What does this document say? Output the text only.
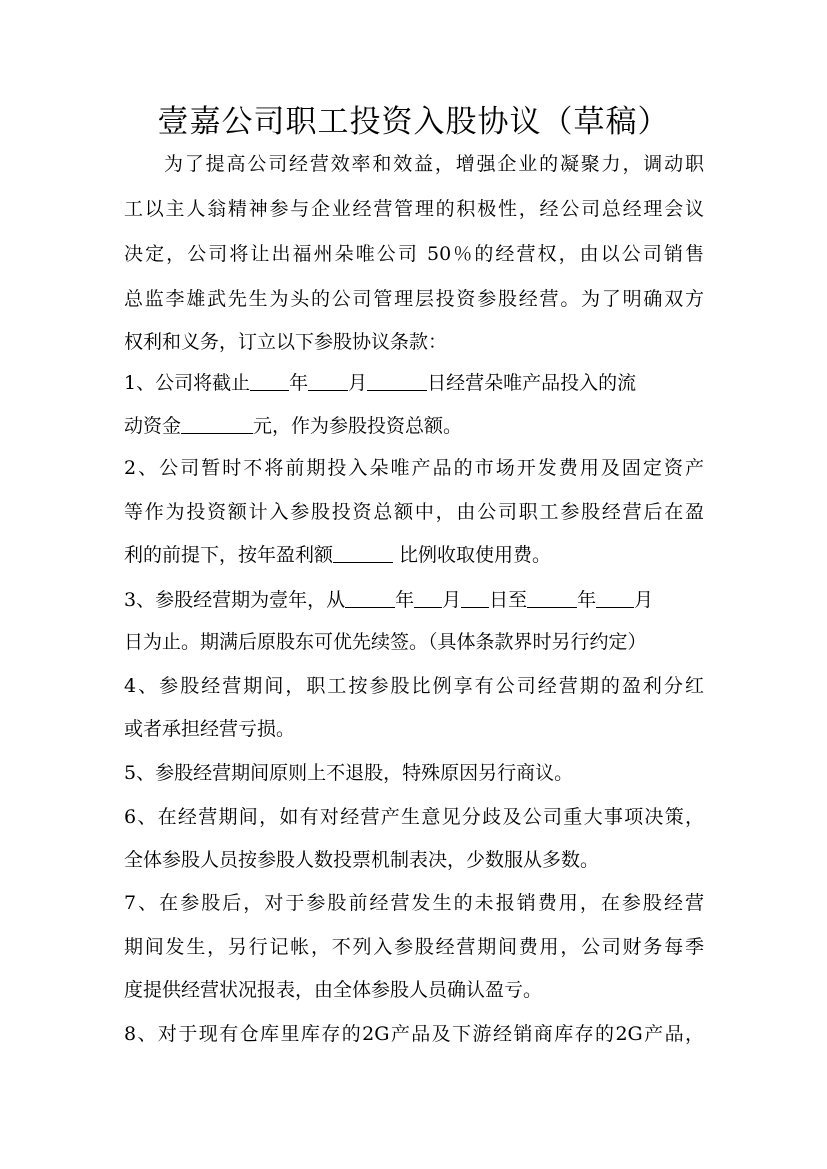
壹嘉公司职工投资入股协议（草稿）
为了提高公司经营效率和效益，增强企业的凝聚力，调动职
工以主人翁精神参与企业经营管理的积极性，经公司总经理会议
决定，公司将让出福州朵唯公司 50％的经营权，由以公司销售
总监李雄武先生为头的公司管理层投资参股经营。为了明确双方
权利和义务，订立以下参股协议条款：
1、公司将截止 年 月	日经营朵唯产品投入的流
动资金	元，作为参股投资总额。
2、公司暂时不将前期投入朵唯产品的市场开发费用及固定资产
等作为投资额计入参股投资总额中，由公司职工参股经营后在盈
利的前提下，按年盈利额	比例收取使用费。
3、参股经营期为壹年，从	年 月 日至	年 月
日为止。期满后原股东可优先续签。（具体条款界时另行约定）
4、参股经营期间，职工按参股比例享有公司经营期的盈利分红
或者承担经营亏损。
5、参股经营期间原则上不退股，特殊原因另行商议。
6、在经营期间，如有对经营产生意见分歧及公司重大事项决策，
全体参股人员按参股人数投票机制表决，少数服从多数。
7、在参股后，对于参股前经营发生的未报销费用，在参股经营
期间发生，另行记帐，不列入参股经营期间费用，公司财务每季
度提供经营状况报表，由全体参股人员确认盈亏。
8、对于现有仓库里库存的2G产品及下游经销商库存的2G产品，
